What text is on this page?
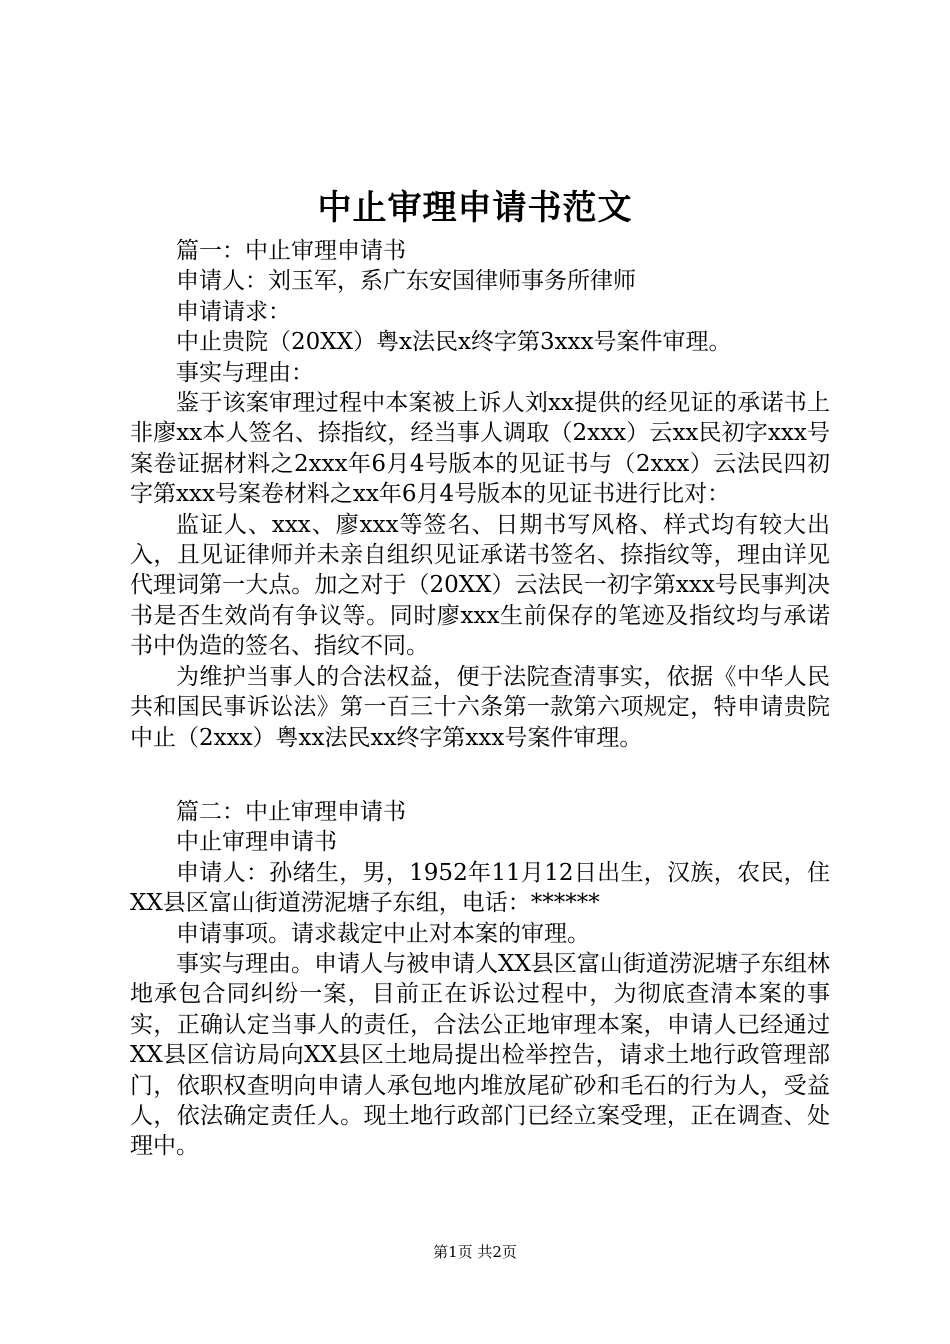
中止审理申请书范文

篇一：中止审理申请书

申请人：刘玉军，系广东安国律师事务所律师

申请请求：

中止贵院（20XX）粤x法民x终字第3xxx号案件审理。

事实与理由：

鉴于该案审理过程中本案被上诉人刘xx提供的经见证的承诺书上非廖xx本人签名、捺指纹，经当事人调取（2xxx）云xx民初字xxx号案卷证据材料之2xxx年6月4号版本的见证书与（2xxx）云法民四初字第xxx号案卷材料之xx年6月4号版本的见证书进行比对：

监证人、xxx、廖xxx等签名、日期书写风格、样式均有较大出入，且见证律师并未亲自组织见证承诺书签名、捺指纹等，理由详见代理词第一大点。加之对于（20XX）云法民一初字第xxx号民事判决书是否生效尚有争议等。同时廖xxx生前保存的笔迹及指纹均与承诺书中伪造的签名、指纹不同。

为维护当事人的合法权益，便于法院查清事实，依据《中华人民共和国民事诉讼法》第一百三十六条第一款第六项规定，特申请贵院中止（2xxx）粤xx法民xx终字第xxx号案件审理。

篇二：中止审理申请书

中止审理申请书

申请人：孙绪生，男，1952年11月12日出生，汉族，农民，住XX县区富山街道涝泥塘子东组，电话：******

申请事项。请求裁定中止对本案的审理。

事实与理由。申请人与被申请人XX县区富山街道涝泥塘子东组林地承包合同纠纷一案，目前正在诉讼过程中，为彻底查清本案的事实，正确认定当事人的责任，合法公正地审理本案，申请人已经通过XX县区信访局向XX县区土地局提出检举控告，请求土地行政管理部门，依职权查明向申请人承包地内堆放尾矿砂和毛石的行为人，受益人，依法确定责任人。现土地行政部门已经立案受理，正在调查、处理中。

第1页 共2页
